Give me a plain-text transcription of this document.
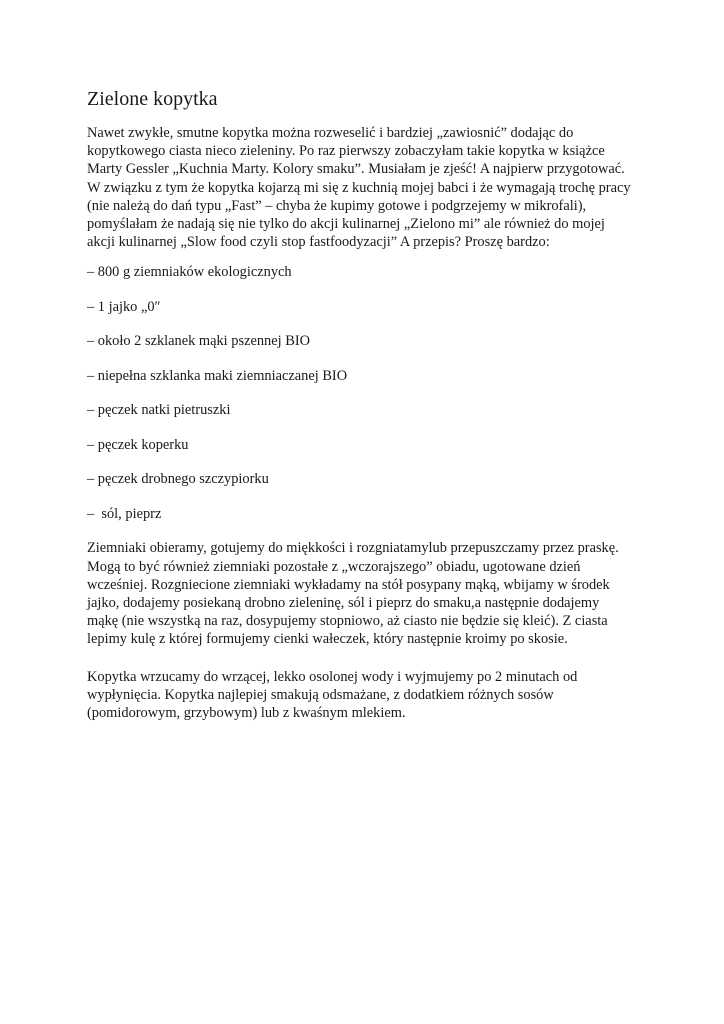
Zielone kopytka

Nawet zwykłe, smutne kopytka można rozweselić i bardziej „zawiosnić” dodając do
kopytkowego ciasta nieco zieleniny. Po raz pierwszy zobaczyłam takie kopytka w książce
Marty Gessler „Kuchnia Marty. Kolory smaku”. Musiałam je zjeść! A najpierw przygotować.
W związku z tym że kopytka kojarzą mi się z kuchnią mojej babci i że wymagają trochę pracy
(nie należą do dań typu „Fast” – chyba że kupimy gotowe i podgrzejemy w mikrofali),
pomyślałam że nadają się nie tylko do akcji kulinarnej „Zielono mi” ale również do mojej
akcji kulinarnej „Slow food czyli stop fastfoodyzacji” A przepis? Proszę bardzo:

– 800 g ziemniaków ekologicznych
– 1 jajko „0″
– około 2 szklanek mąki pszennej BIO
– niepełna szklanka maki ziemniaczanej BIO
– pęczek natki pietruszki
– pęczek koperku
– pęczek drobnego szczypiorku
–  sól, pieprz

Ziemniaki obieramy, gotujemy do miękkości i rozgniatamylub przepuszczamy przez praskę.
Mogą to być również ziemniaki pozostałe z „wczorajszego” obiadu, ugotowane dzień
wcześniej. Rozgniecione ziemniaki wykładamy na stół posypany mąką, wbijamy w środek
jajko, dodajemy posiekaną drobno zieleninę, sól i pieprz do smaku,a następnie dodajemy
mąkę (nie wszystką na raz, dosypujemy stopniowo, aż ciasto nie będzie się kleić). Z ciasta
lepimy kulę z której formujemy cienki wałeczek, który następnie kroimy po skosie.

Kopytka wrzucamy do wrzącej, lekko osolonej wody i wyjmujemy po 2 minutach od
wypłynięcia. Kopytka najlepiej smakują odsmażane, z dodatkiem różnych sosów
(pomidorowym, grzybowym) lub z kwaśnym mlekiem.
